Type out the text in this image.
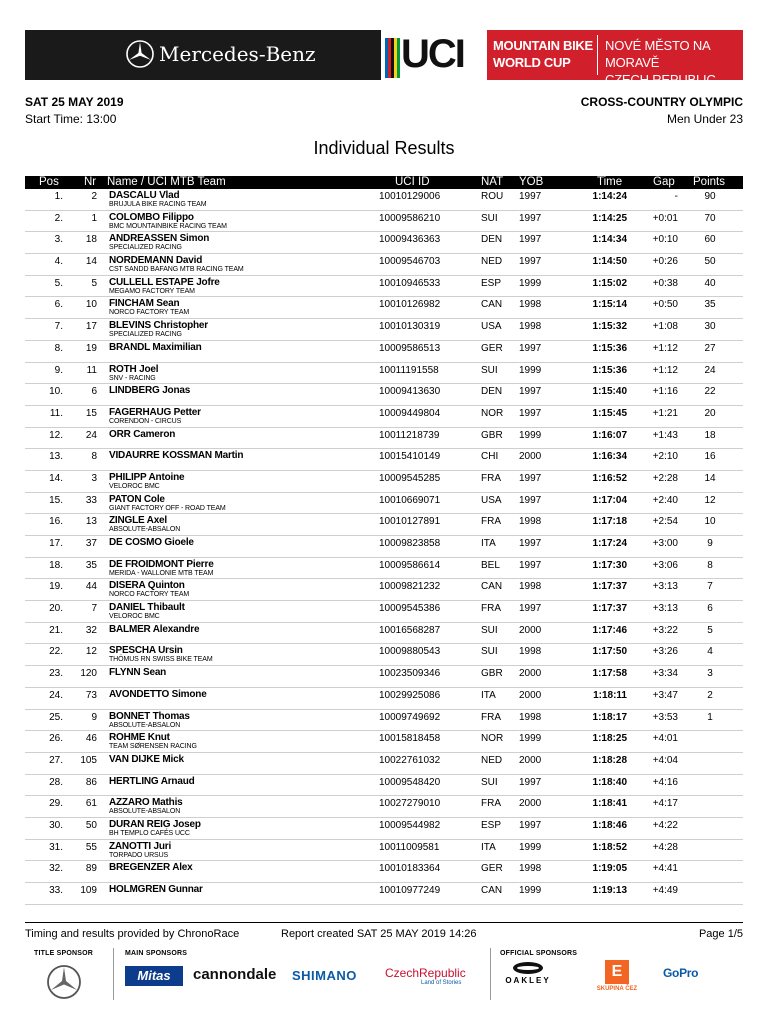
Mercedes-Benz UCI MOUNTAIN BIKE
WORLD CUP
NOVÉ MĚSTO NA MORAVĚ
CZECH REPUBLIC
SAT 25 MAY 2019
Start Time: 13:00
CROSS-COUNTRY OLYMPIC
Men Under 23
Individual Results
Pos Nr Name / UCI MTB Team	UCI ID	NAT YOB	Time	Gap Points
1.	2 DASCALU Vlad
BRUJULA BIKE RACING TEAM
10010129006	ROU 1997	1:14:24	-	90
2.	1 COLOMBO Filippo
BMC MOUNTAINBIKE RACING TEAM
10009586210	SUI 1997	1:14:25	+0:01	70
3.	18 ANDREASSEN Simon
SPECIALIZED RACING
10009436363	DEN 1997	1:14:34	+0:10	60
4.	14 NORDEMANN David
CST SANDD BAFANG MTB RACING TEAM
10009546703	NED 1997	1:14:50	+0:26	50
5.	5 CULLELL ESTAPE Jofre
MEGAMO FACTORY TEAM
10010946533	ESP 1999	1:15:02	+0:38	40
6.	10 FINCHAM Sean
NORCO FACTORY TEAM
10010126982	CAN 1998	1:15:14	+0:50	35
7.	17 BLEVINS Christopher
SPECIALIZED RACING
10010130319	USA 1998	1:15:32	+1:08	30
8.	19 BRANDL Maximilian	10009586513	GER 1997	1:15:36	+1:12	27
9.	11 ROTH Joel
SNV - RACING
10011191558	SUI 1999	1:15:36	+1:12	24
10.	6 LINDBERG Jonas	10009413630	DEN 1997	1:15:40	+1:16	22
11.	15 FAGERHAUG Petter
CORENDON - CIRCUS
10009449804	NOR 1997	1:15:45	+1:21	20
12.	24 ORR Cameron	10011218739	GBR 1999	1:16:07	+1:43	18
13.	8 VIDAURRE KOSSMAN Martin	10015410149	CHI 2000	1:16:34	+2:10	16
14.	3 PHILIPP Antoine
VELOROC BMC
10009545285	FRA 1997	1:16:52	+2:28	14
15.	33 PATON Cole
GIANT FACTORY OFF - ROAD TEAM
10010669071	USA 1997	1:17:04	+2:40	12
16.	13 ZINGLE Axel
ABSOLUTE-ABSALON
10010127891	FRA 1998	1:17:18	+2:54	10
17.	37 DE COSMO Gioele	10009823858	ITA 1997	1:17:24	+3:00	9
18.	35 DE FROIDMONT Pierre
MERIDA - WALLONIE MTB TEAM
10009586614	BEL 1997	1:17:30	+3:06	8
19.	44 DISERA Quinton
NORCO FACTORY TEAM
10009821232	CAN 1998	1:17:37	+3:13	7
20.	7 DANIEL Thibault
VELOROC BMC
10009545386	FRA 1997	1:17:37	+3:13	6
21.	32 BALMER Alexandre	10016568287	SUI 2000	1:17:46	+3:22	5
22.	12 SPESCHA Ursin
THÖMUS RN SWISS BIKE TEAM
10009880543	SUI 1998	1:17:50	+3:26	4
23.	120 FLYNN Sean	10023509346	GBR 2000	1:17:58	+3:34	3
24.	73 AVONDETTO Simone	10029925086	ITA 2000	1:18:11	+3:47	2
25.	9 BONNET Thomas
ABSOLUTE-ABSALON
10009749692	FRA 1998	1:18:17	+3:53	1
26.	46 ROHME Knut
TEAM SØRENSEN RACING
10015818458	NOR 1999	1:18:25	+4:01
27.	105 VAN DIJKE Mick	10022761032	NED 2000	1:18:28	+4:04
28.	86 HERTLING Arnaud	10009548420	SUI 1997	1:18:40	+4:16
29.	61 AZZARO Mathis
ABSOLUTE-ABSALON
10027279010	FRA 2000	1:18:41	+4:17
30.	50 DURAN REIG Josep
BH TEMPLO CAFÉS UCC
10009544982	ESP 1997	1:18:46	+4:22
31.	55 ZANOTTI Juri
TORPADO URSUS
10011009581	ITA 1999	1:18:52	+4:28
32.	89 BREGENZER Alex	10010183364	GER 1998	1:19:05	+4:41
33.	109 HOLMGREN Gunnar	10010977249	CAN 1999	1:19:13	+4:49
Timing and results provided by ChronoRace	Report created SAT 25 MAY 2019 14:26	Page 1/5
TITLE SPONSOR	MAIN SPONSORS	OFFICIAL SPONSORS
Mitas	cannondale SHIMANO CzechRepublic
Land of Stories	OAKLEY
E
SKUPINA ČEZ
GoPro
